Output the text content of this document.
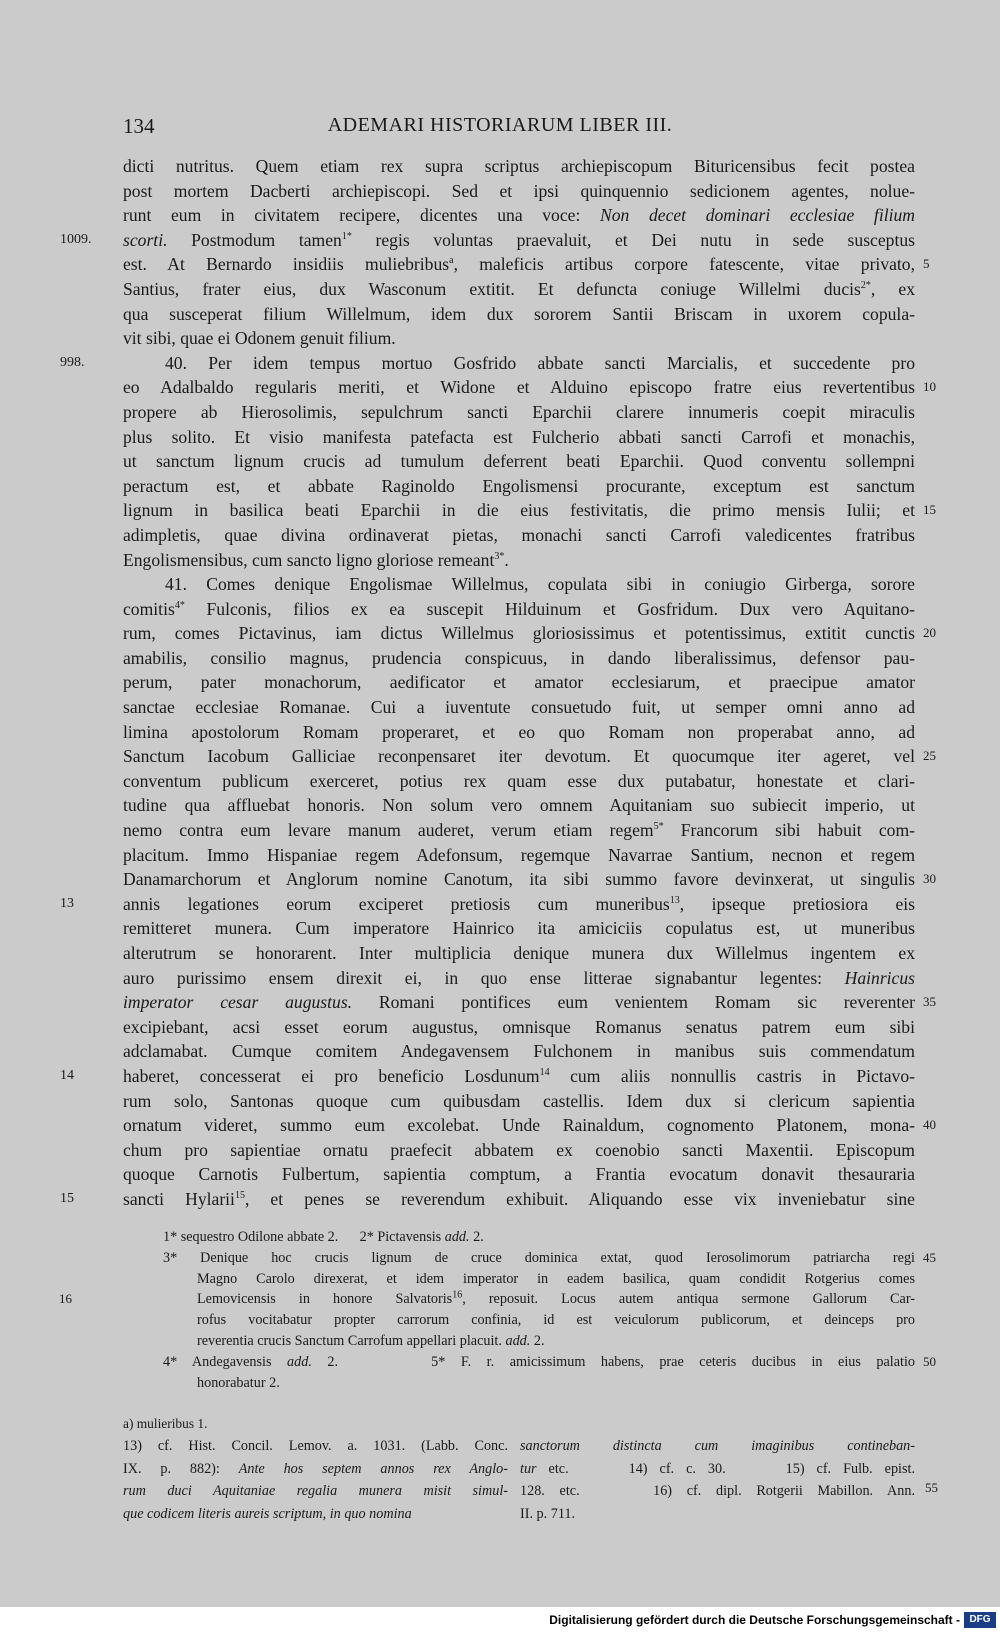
134	ADEMARI HISTORIARUM LIBER III.
dicti nutritus. Quem etiam rex supra scriptus archiepiscopum Bituricensibus fecit postea
post mortem Dacberti archiepiscopi. Sed et ipsi quinquennio sedicionem agentes, nolue-
runt eum in civitatem recipere, dicentes una voce: Non decet dominari ecclesiae filium
scorti. Postmodum tamen$^{1*}$ regis voluntas praevaluit, et Dei nutu in sede susceptus
1009.
est. At Bernardo insidiis muliebribus$^a$, maleficis artibus corpore fatescente, vitae privato, 5
Santius, frater eius, dux Wasconum extitit. Et defuncta coniuge Willelmi ducis$^{2*}$, ex
qua susceperat filium Willelmum, idem dux sororem Santii Briscam in uxorem copula-
vit sibi, quae ei Odonem genuit filium.
40. Per idem tempus mortuo Gosfrido abbate sancti Marcialis, et succedente pro
998.
eo Adalbaldo regularis meriti, et Widone et Alduino episcopo fratre eius revertentibus 10
propere ab Hierosolimis, sepulchrum sancti Eparchii clarere innumeris coepit miraculis
plus solito. Et visio manifesta patefacta est Fulcherio abbati sancti Carrofi et monachis,
ut sanctum lignum crucis ad tumulum deferrent beati Eparchii. Quod conventu sollempni
peractum est, et abbate Raginoldo Engolismensi procurante, exceptum est sanctum
lignum in basilica beati Eparchii in die eius festivitatis, die primo mensis Iulii; et 15
adimpletis, quae divina ordinaverat pietas, monachi sancti Carrofi valedicentes fratribus
Engolismensibus, cum sancto ligno gloriose remeant$^{3*}$.
41. Comes denique Engolismae Willelmus, copulata sibi in coniugio Girberga, sorore
comitis$^{4*}$ Fulconis, filios ex ea suscepit Hilduinum et Gosfridum. Dux vero Aquitano-
rum, comes Pictavinus, iam dictus Willelmus gloriosissimus et potentissimus, extitit cunctis 20
amabilis, consilio magnus, prudencia conspicuus, in dando liberalissimus, defensor pau-
perum, pater monachorum, aedificator et amator ecclesiarum, et praecipue amator
sanctae ecclesiae Romanae. Cui a iuventute consuetudo fuit, ut semper omni anno ad
limina apostolorum Romam properaret, et eo quo Romam non properabat anno, ad
Sanctum Iacobum Galliciae reconpensaret iter devotum. Et quocumque iter ageret, vel 25
conventum publicum exerceret, potius rex quam esse dux putabatur, honestate et clari-
tudine qua affluebat honoris. Non solum vero omnem Aquitaniam suo subiecit imperio, ut
nemo contra eum levare manum auderet, verum etiam regem$^{5*}$ Francorum sibi habuit com-
placitum. Immo Hispaniae regem Adefonsum, regemque Navarrae Santium, necnon et regem
Danamarchorum et Anglorum nomine Canotum, ita sibi summo favore devinxerat, ut singulis 30
annis legationes eorum exciperet pretiosis cum muneribus$^{13}$, ipseque pretiosiora eis
13
remitteret munera. Cum imperatore Hainrico ita amiciciis copulatus est, ut muneribus
alterutrum se honorarent. Inter multiplicia denique munera dux Willelmus ingentem ex
auro purissimo ensem direxit ei, in quo ense litterae signabantur legentes: Hainricus
imperator cesar augustus. Romani pontifices eum venientem Romam sic reverenter 35
excipiebant, acsi esset eorum augustus, omnisque Romanus senatus patrem eum sibi
adclamabat. Cumque comitem Andegavensem Fulchonem in manibus suis commendatum
haberet, concesserat ei pro beneficio Losdunum$^{14}$ cum aliis nonnullis castris in Pictavo-
14
rum solo, Santonas quoque cum quibusdam castellis. Idem dux si clericum sapientia
ornatum videret, summo eum excolebat. Unde Rainaldum, cognomento Platonem, mona- 40
chum pro sapientiae ornatu praefecit abbatem ex coenobio sancti Maxentii. Episcopum
quoque Carnotis Fulbertum, sapientia comptum, a Frantia evocatum donavit thesauraria
sancti Hylarii$^{15}$, et penes se reverendum exhibuit. Aliquando esse vix inveniebatur sine
15
1* sequestro Odilone abbate 2.      2* Pictavensis add. 2.
3* Denique hoc crucis lignum de cruce dominica extat, quod Ierosolimorum patriarcha regi 45
Magno Carolo direxerat, et idem imperator in eadem basilica, quam condidit Rotgerius comes
Lemovicensis in honore Salvatoris$^{16}$, reposuit. Locus autem antiqua sermone Gallorum Car-
16
rofus vocitabatur propter carrorum confinia, id est veiculorum publicorum, et deinceps pro
reverentia crucis Sanctum Carrofum appellari placuit. add. 2.
4* Andegavensis add. 2.      5* F. r. amicissimum habens, prae ceteris ducibus in eius palatio 50
honorabatur 2.
a) mulieribus 1.
13) cf. Hist. Concil. Lemov. a. 1031. (Labb. Conc.
IX. p. 882): Ante hos septem annos rex Anglo-
rum duci Aquitaniae regalia munera misit simul-
que codicem literis aureis scriptum, in quo nomina
sanctorum distincta cum imaginibus contineban-
tur etc.     14) cf. c. 30.     15) cf. Fulb. epist.
128. etc.     16) cf. dipl. Rotgerii Mabillon. Ann.
II. p. 711.
55
Digitalisierung gefördert durch die Deutsche Forschungsgemeinschaft - DFG
